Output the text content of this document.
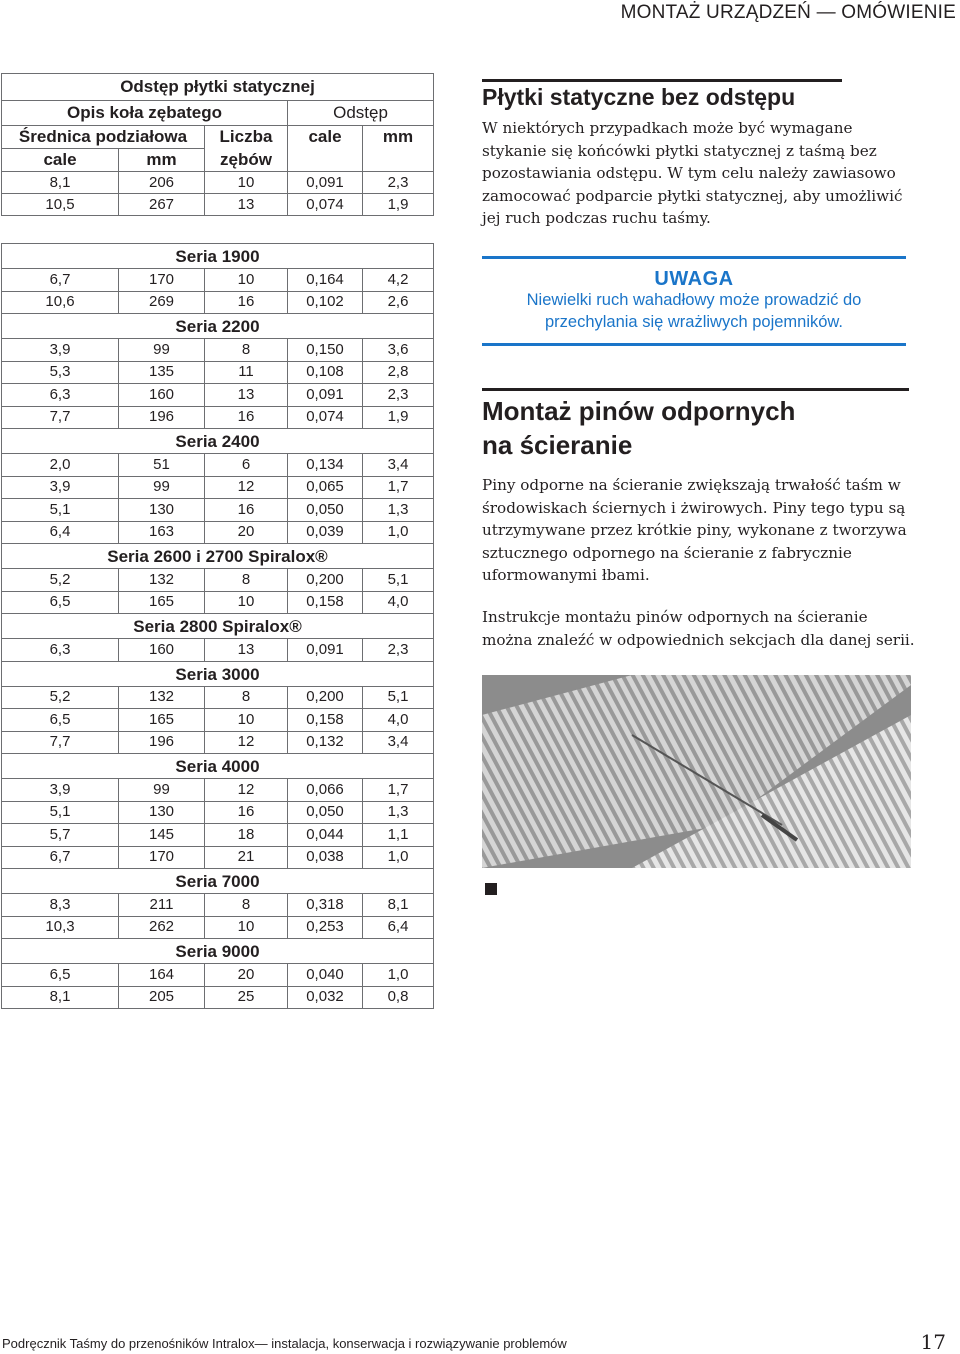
MONTAŻ URZĄDZEŃ — OMÓWIENIE
Odstęp płytki statycznej				
Opis koła zębatego			Odstęp	
Średnica podziałowa		Liczba	cale	mm
cale	mm	zębów		
8,1	206	10	0,091	2,3
10,5	267	13	0,074	1,9
Seria 1900				
6,7	170	10	0,164	4,2
10,6	269	16	0,102	2,6
Seria 2200				
3,9	99	8	0,150	3,6
5,3	135	11	0,108	2,8
6,3	160	13	0,091	2,3
7,7	196	16	0,074	1,9
Seria 2400				
2,0	51	6	0,134	3,4
3,9	99	12	0,065	1,7
5,1	130	16	0,050	1,3
6,4	163	20	0,039	1,0
Seria 2600 i 2700 Spiralox®				
5,2	132	8	0,200	5,1
6,5	165	10	0,158	4,0
Seria 2800 Spiralox®				
6,3	160	13	0,091	2,3
Seria 3000				
5,2	132	8	0,200	5,1
6,5	165	10	0,158	4,0
7,7	196	12	0,132	3,4
Seria 4000				
3,9	99	12	0,066	1,7
5,1	130	16	0,050	1,3
5,7	145	18	0,044	1,1
6,7	170	21	0,038	1,0
Seria 7000				
8,3	211	8	0,318	8,1
10,3	262	10	0,253	6,4
Seria 9000				
6,5	164	20	0,040	1,0
8,1	205	25	0,032	0,8
Płytki statyczne bez odstępu
W niektórych przypadkach może być wymagane stykanie się końcówki płytki statycznej z taśmą bez pozostawiania odstępu. W tym celu należy zawiasowo zamocować podparcie płytki statycznej, aby umożliwić jej ruch podczas ruchu taśmy.
UWAGA
Niewielki ruch wahadłowy może prowadzić do przechylania się wrażliwych pojemników.
Montaż pinów odpornych
na ścieranie
Piny odporne na ścieranie zwiększają trwałość taśm w środowiskach ściernych i żwirowych. Piny tego typu są utrzymywane przez krótkie piny, wykonane z tworzywa sztucznego odpornego na ścieranie z fabrycznie uformowanymi łbami.
Instrukcje montażu pinów odpornych na ścieranie można znaleźć w odpowiednich sekcjach dla danej serii.
Podręcznik Taśmy do przenośników Intralox— instalacja, konserwacja i rozwiązywanie problemów	17
